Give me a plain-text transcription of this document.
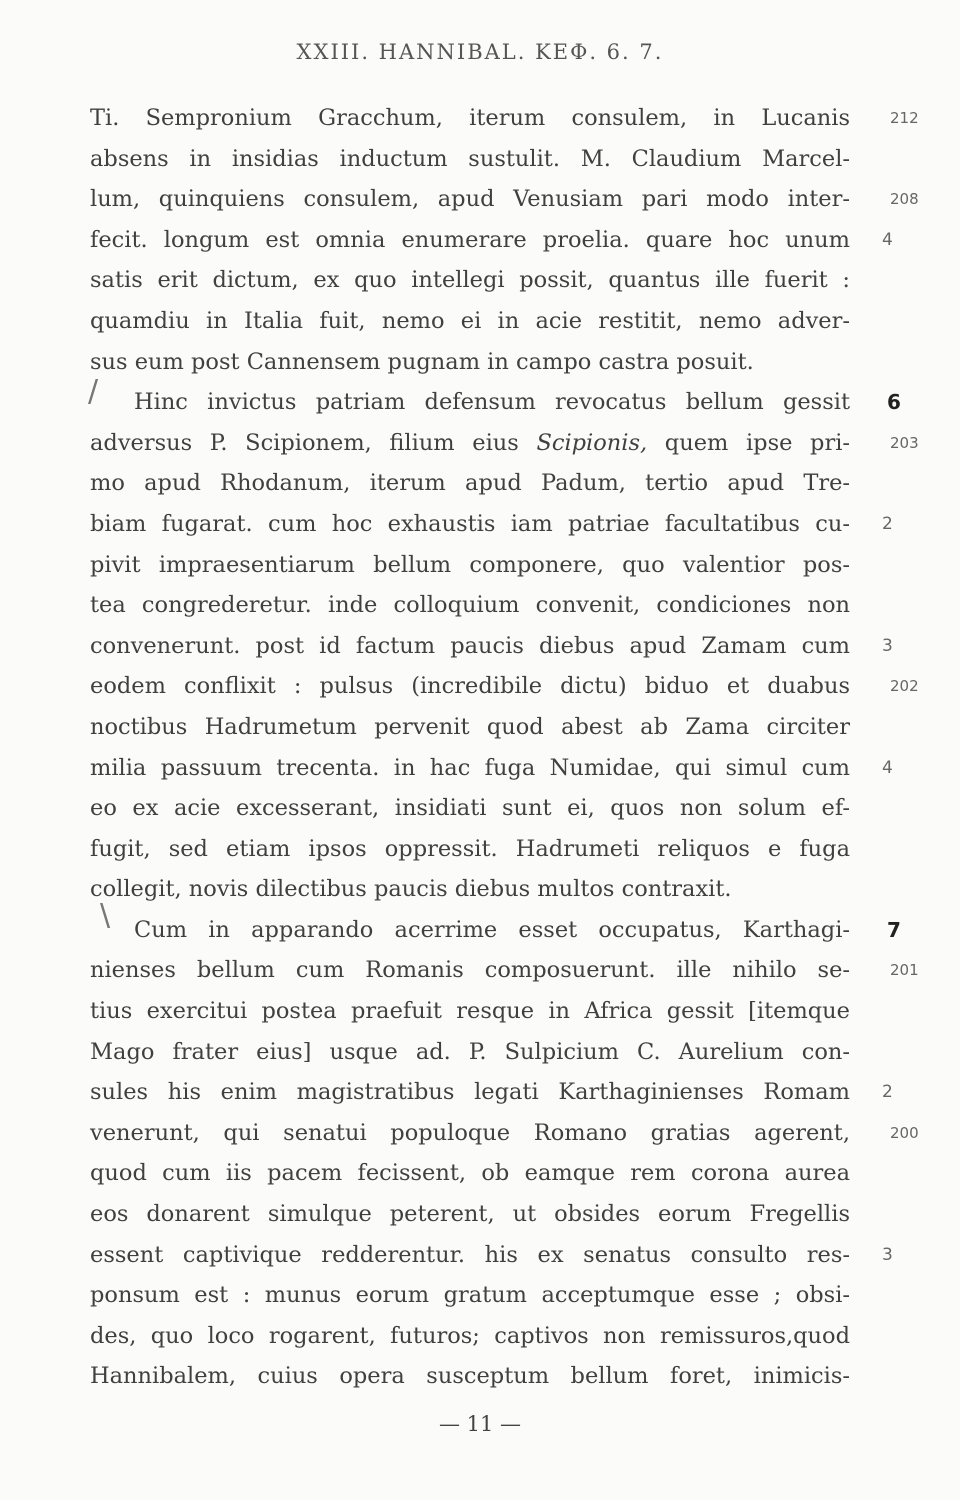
XXIII. HANNIBAL. ΚΕΦ. 6. 7.
Ti. Sempronium Gracchum, iterum consulem, in Lucanis	212
absens in insidias inductum sustulit. M. Claudium Marcel-
lum, quinquiens consulem, apud Venusiam pari modo inter-	208
fecit. longum est omnia enumerare proelia. quare hoc unum 4
satis erit dictum, ex quo intellegi possit, quantus ille fuerit :
quamdiu in Italia fuit, nemo ei in acie restitit, nemo adver-
sus eum post Cannensem pugnam in campo castra posuit.
Hinc invictus patriam defensum revocatus bellum gessit 6
adversus P. Scipionem, filium eius Scipionis, quem ipse pri-	203
mo apud Rhodanum, iterum apud Padum, tertio apud Tre-
biam fugarat. cum hoc exhaustis iam patriae facultatibus cu- 2
pivit impraesentiarum bellum componere, quo valentior pos-
tea congrederetur. inde colloquium convenit, condiciones non
convenerunt. post id factum paucis diebus apud Zamam cum 3
eodem conflixit : pulsus (incredibile dictu) biduo et duabus	202
noctibus Hadrumetum pervenit quod abest ab Zama circiter
milia passuum trecenta. in hac fuga Numidae, qui simul cum 4
eo ex acie excesserant, insidiati sunt ei, quos non solum ef-
fugit, sed etiam ipsos oppressit. Hadrumeti reliquos e fuga
collegit, novis dilectibus paucis diebus multos contraxit.
Cum in apparando acerrime esset occupatus, Karthagi- 7
nienses bellum cum Romanis composuerunt. ille nihilo se-	201
tius exercitui postea praefuit resque in Africa gessit [itemque
Mago frater eius] usque ad. P. Sulpicium C. Aurelium con-
sules his enim magistratibus legati Karthaginienses Romam 2
venerunt, qui senatui populoque Romano gratias agerent,	200
quod cum iis pacem fecissent, ob eamque rem corona aurea
eos donarent simulque peterent, ut obsides eorum Fregellis
essent captivique redderentur. his ex senatus consulto res- 3
ponsum est : munus eorum gratum acceptumque esse ; obsi-
des, quo loco rogarent, futuros; captivos non remissuros,quod
Hannibalem, cuius opera susceptum bellum foret, inimicis-
/
\
— 11 —
